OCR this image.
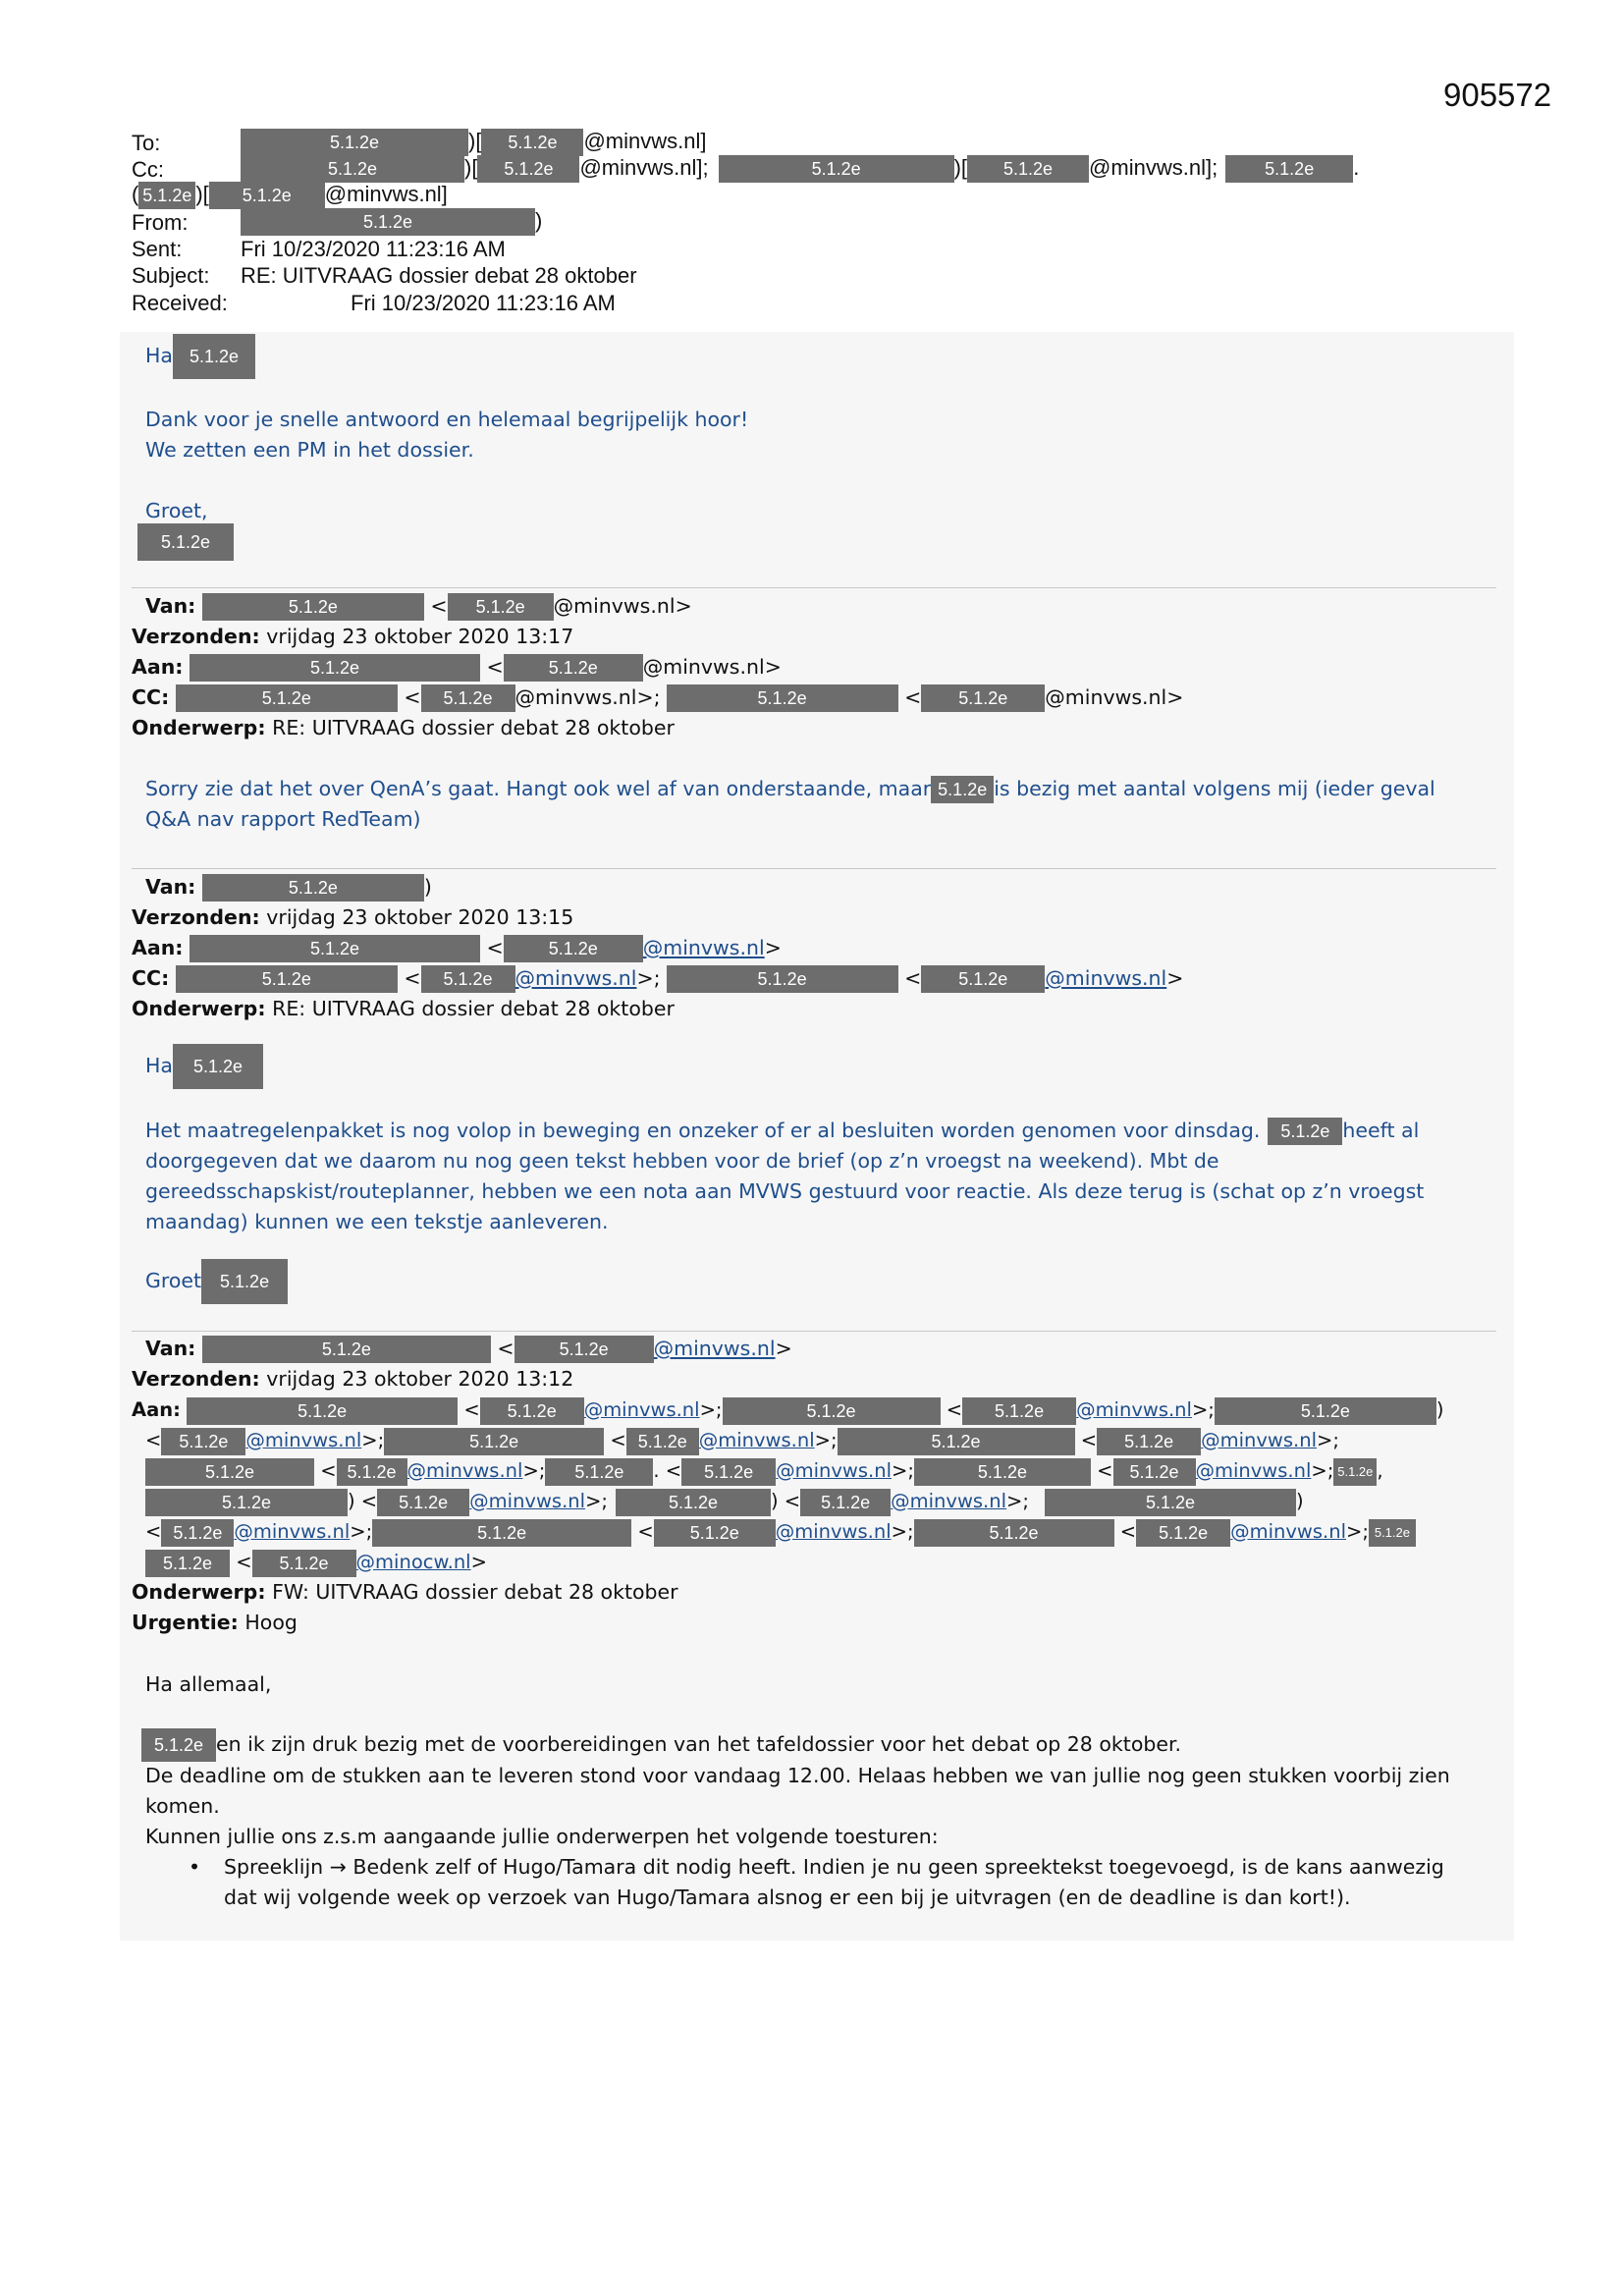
905572
To:	5.1.2e	)[ 5.1.2e @minvws.nl]
Cc:	5.1.2e	)[ 5.1.2e @minvws.nl];	5.1.2e	)[ 5.1.2e @minvws.nl];	5.1.2e .
( 5.1.2e )[ 5.1.2e @minvws.nl]
From:	5.1.2e	)
Sent:	Fri 10/23/2020 11:23:16 AM
Subject: RE: UITVRAAG dossier debat 28 oktober
Received:	Fri 10/23/2020 11:23:16 AM
Ha 5.1.2e
Dank voor je snelle antwoord en helemaal begrijpelijk hoor!
We zetten een PM in het dossier.
Groet,
5.1.2e
Van:	5.1.2e	< 5.1.2e @minvws.nl>
Verzonden: vrijdag 23 oktober 2020 13:17
Aan:	5.1.2e	<	5.1.2e @minvws.nl>
CC:	5.1.2e	< 5.1.2e @minvws.nl>;	5.1.2e	< 5.1.2e @minvws.nl>
Onderwerp: RE: UITVRAAG dossier debat 28 oktober
Sorry zie dat het over QenA’s gaat. Hangt ook wel af van onderstaande, maar 5.1.2e is bezig met aantal volgens mij (ieder geval
Q&A nav rapport RedTeam)
Van:	5.1.2e	)
Verzonden: vrijdag 23 oktober 2020 13:15
Aan:	5.1.2e	<	5.1.2e @minvws.nl>
CC:	5.1.2e	< 5.1.2e @minvws.nl>;	5.1.2e	< 5.1.2e @minvws.nl>
Onderwerp: RE: UITVRAAG dossier debat 28 oktober
Ha 5.1.2e
Het maatregelenpakket is nog volop in beweging en onzeker of er al besluiten worden genomen voor dinsdag. 5.1.2e heeft al
doorgegeven dat we daarom nu nog geen tekst hebben voor de brief (op z’n vroegst na weekend). Mbt de
gereedsschapskist/routeplanner, hebben we een nota aan MVWS gestuurd voor reactie. Als deze terug is (schat op z’n vroegst
maandag) kunnen we een tekstje aanleveren.
Groet 5.1.2e
Van:	5.1.2e	<	5.1.2e @minvws.nl>
Verzonden: vrijdag 23 oktober 2020 13:12
Aan:	5.1.2e	< 5.1.2e @minvws.nl>;	5.1.2e	< 5.1.2e @minvws.nl>;	5.1.2e	)
< 5.1.2e @minvws.nl>;	5.1.2e	< 5.1.2e @minvws.nl>;	5.1.2e	< 5.1.2e @minvws.nl>;
5.1.2e	< 5.1.2e @minvws.nl>; 5.1.2e . < 5.1.2e @minvws.nl>;	5.1.2e	< 5.1.2e @minvws.nl>; 5.1.2e ,
5.1.2e	) < 5.1.2e @minvws.nl>;	5.1.2e	) < 5.1.2e @minvws.nl>;	5.1.2e	)
< 5.1.2e @minvws.nl>;	5.1.2e	< 5.1.2e @minvws.nl>;	5.1.2e	< 5.1.2e @minvws.nl>; 5.1.2e
5.1.2e < 5.1.2e @minocw.nl>
Onderwerp: FW: UITVRAAG dossier debat 28 oktober
Urgentie: Hoog
Ha allemaal,
5.1.2e en ik zijn druk bezig met de voorbereidingen van het tafeldossier voor het debat op 28 oktober.
De deadline om de stukken aan te leveren stond voor vandaag 12.00. Helaas hebben we van jullie nog geen stukken voorbij zien
komen.
Kunnen jullie ons z.s.m aangaande jullie onderwerpen het volgende toesturen:
• Spreeklijn → Bedenk zelf of Hugo/Tamara dit nodig heeft. Indien je nu geen spreektekst toegevoegd, is de kans aanwezig
dat wij volgende week op verzoek van Hugo/Tamara alsnog er een bij je uitvragen (en de deadline is dan kort!).
